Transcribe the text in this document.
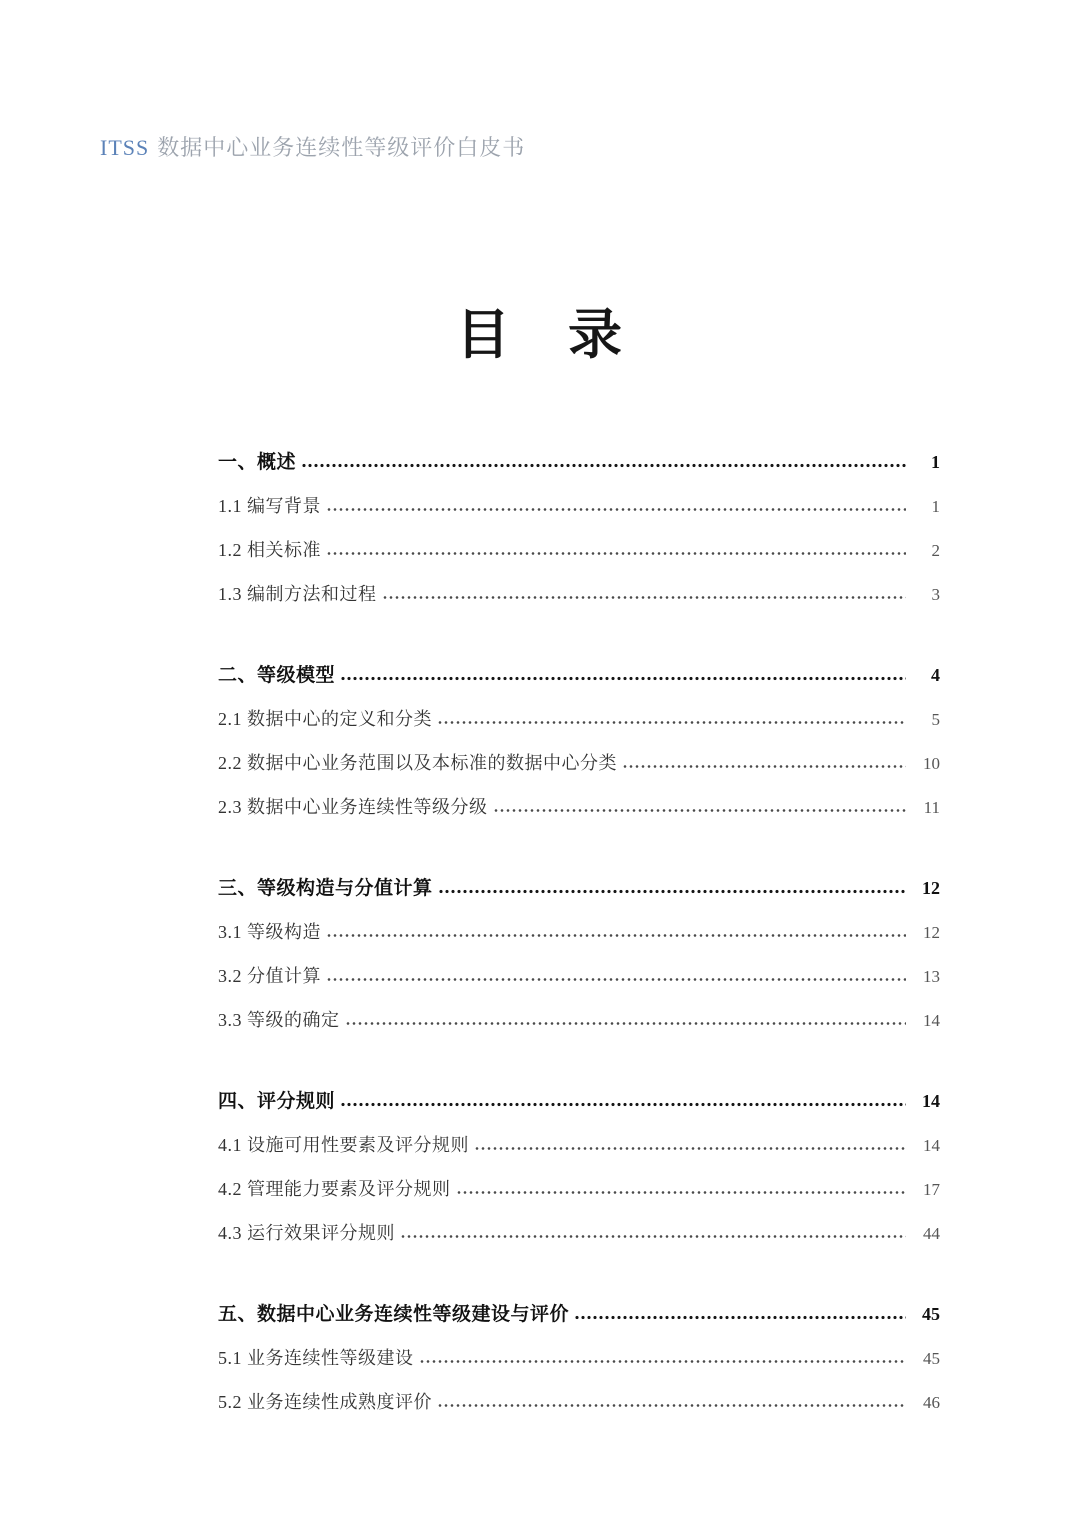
ITSS 数据中心业务连续性等级评价白皮书
目　录
一、概述	1
1.1 编写背景	1
1.2 相关标准	2
1.3 编制方法和过程	3
二、等级模型	4
2.1 数据中心的定义和分类	5
2.2 数据中心业务范围以及本标准的数据中心分类	10
2.3 数据中心业务连续性等级分级	11
三、等级构造与分值计算	12
3.1 等级构造	12
3.2 分值计算	13
3.3 等级的确定	14
四、评分规则	14
4.1 设施可用性要素及评分规则	14
4.2 管理能力要素及评分规则	17
4.3 运行效果评分规则	44
五、数据中心业务连续性等级建设与评价	45
5.1 业务连续性等级建设	45
5.2 业务连续性成熟度评价	46
